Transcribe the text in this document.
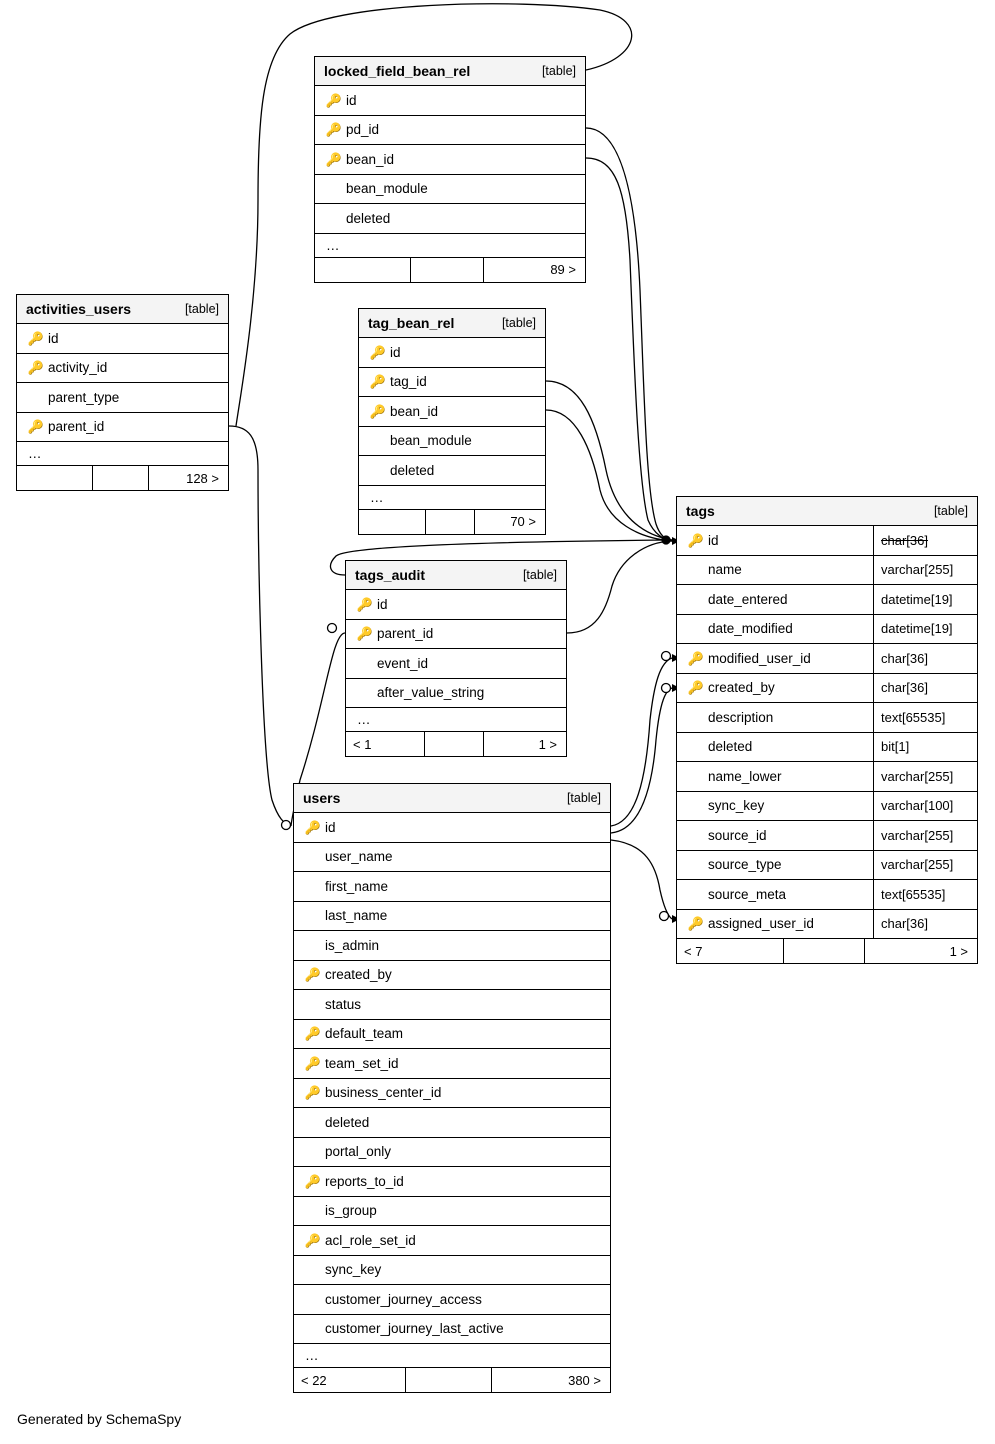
Generated by SchemaSpy
locked_field_bean_rel	[table]
🔑 id
🔑 pd_id
🔑 bean_id
bean_module
deleted
…
89 >
tag_bean_rel	[table]
🔑 id
🔑 tag_id
🔑 bean_id
bean_module
deleted
…
70 >
activities_users	[table]
🔑 id
🔑 activity_id
parent_type
🔑 parent_id
…
128 >
tags_audit	[table]
🔑 id
🔑 parent_id
event_id
after_value_string
…
< 1	1 >
users	[table]
🔑 id
user_name
first_name
last_name
is_admin
🔑 created_by
status
🔑 default_team
🔑 team_set_id
🔑 business_center_id
deleted
portal_only
🔑 reports_to_id
is_group
🔑 acl_role_set_id
sync_key
customer_journey_access
customer_journey_last_active
…
< 22	380 >
tags	[table]
🔑 id	char[36]
name	varchar[255]
date_entered	datetime[19]
date_modified	datetime[19]
🔑 modified_user_id	char[36]
🔑 created_by	char[36]
description	text[65535]
deleted	bit[1]
name_lower	varchar[255]
sync_key	varchar[100]
source_id	varchar[255]
source_type	varchar[255]
source_meta	text[65535]
🔑 assigned_user_id	char[36]
< 7	1 >
